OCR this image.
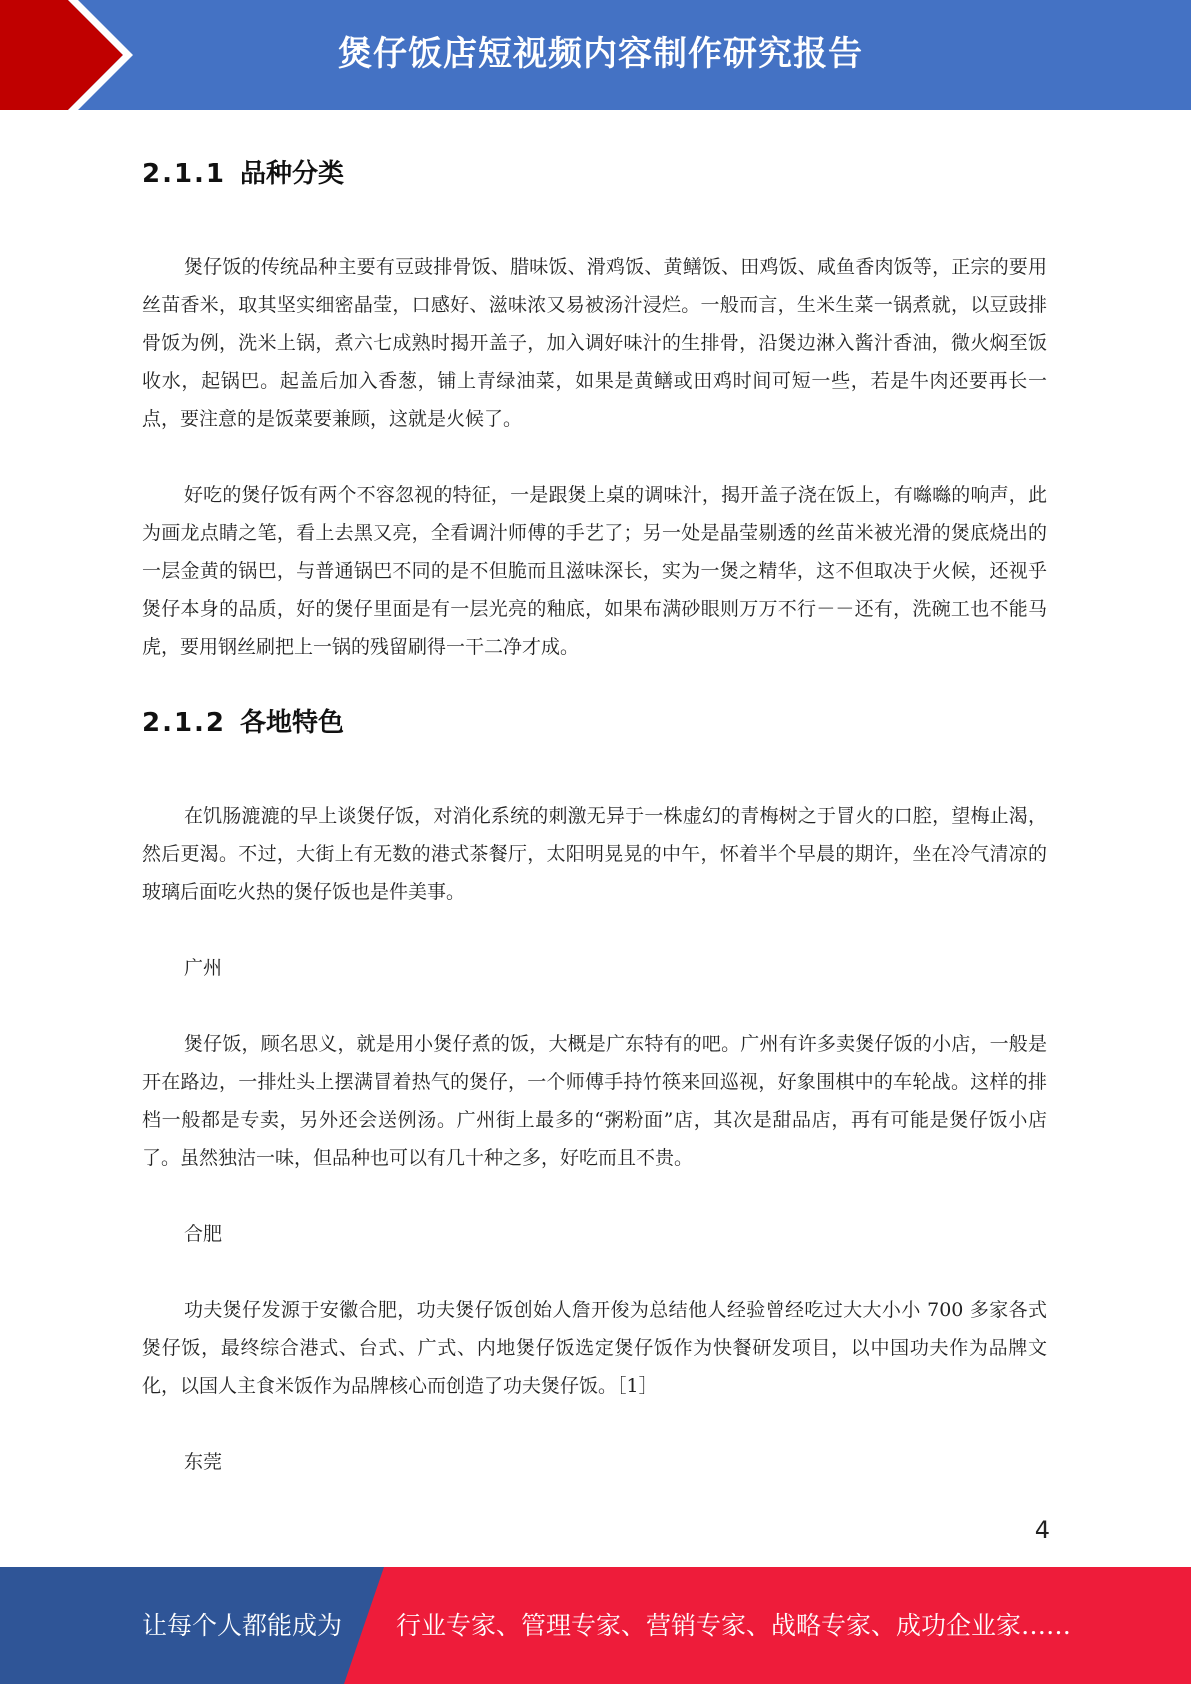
煲仔饭店短视频内容制作研究报告
2.1.1 品种分类

煲仔饭的传统品种主要有豆豉排骨饭、腊味饭、滑鸡饭、黄鳝饭、田鸡饭、咸鱼香肉饭等，正宗的要用丝苗香米，取其坚实细密晶莹，口感好、滋味浓又易被汤汁浸烂。一般而言，生米生菜一锅煮就，以豆豉排骨饭为例，洗米上锅，煮六七成熟时揭开盖子，加入调好味汁的生排骨，沿煲边淋入酱汁香油，微火焖至饭收水，起锅巴。起盖后加入香葱，铺上青绿油菜，如果是黄鳝或田鸡时间可短一些，若是牛肉还要再长一点，要注意的是饭菜要兼顾，这就是火候了。

好吃的煲仔饭有两个不容忽视的特征，一是跟煲上桌的调味汁，揭开盖子浇在饭上，有噝噝的响声，此为画龙点睛之笔，看上去黑又亮，全看调汁师傅的手艺了；另一处是晶莹剔透的丝苗米被光滑的煲底烧出的一层金黄的锅巴，与普通锅巴不同的是不但脆而且滋味深长，实为一煲之精华，这不但取决于火候，还视乎煲仔本身的品质，好的煲仔里面是有一层光亮的釉底，如果布满砂眼则万万不行－－还有，洗碗工也不能马虎，要用钢丝刷把上一锅的残留刷得一干二净才成。

2.1.2 各地特色

在饥肠漉漉的早上谈煲仔饭，对消化系统的刺激无异于一株虚幻的青梅树之于冒火的口腔，望梅止渴，然后更渴。不过，大街上有无数的港式茶餐厅，太阳明晃晃的中午，怀着半个早晨的期许，坐在冷气清凉的玻璃后面吃火热的煲仔饭也是件美事。

广州

煲仔饭，顾名思义，就是用小煲仔煮的饭，大概是广东特有的吧。广州有许多卖煲仔饭的小店，一般是开在路边，一排灶头上摆满冒着热气的煲仔，一个师傅手持竹筷来回巡视，好象围棋中的车轮战。这样的排档一般都是专卖，另外还会送例汤。广州街上最多的“粥粉面”店，其次是甜品店，再有可能是煲仔饭小店了。虽然独沽一味，但品种也可以有几十种之多，好吃而且不贵。

合肥

功夫煲仔发源于安徽合肥，功夫煲仔饭创始人詹开俊为总结他人经验曾经吃过大大小小 700 多家各式煲仔饭，最终综合港式、台式、广式、内地煲仔饭选定煲仔饭作为快餐研发项目，以中国功夫作为品牌文化，以国人主食米饭作为品牌核心而创造了功夫煲仔饭。［1］

东莞

4
让每个人都能成为 行业专家、管理专家、营销专家、战略专家、成功企业家……
